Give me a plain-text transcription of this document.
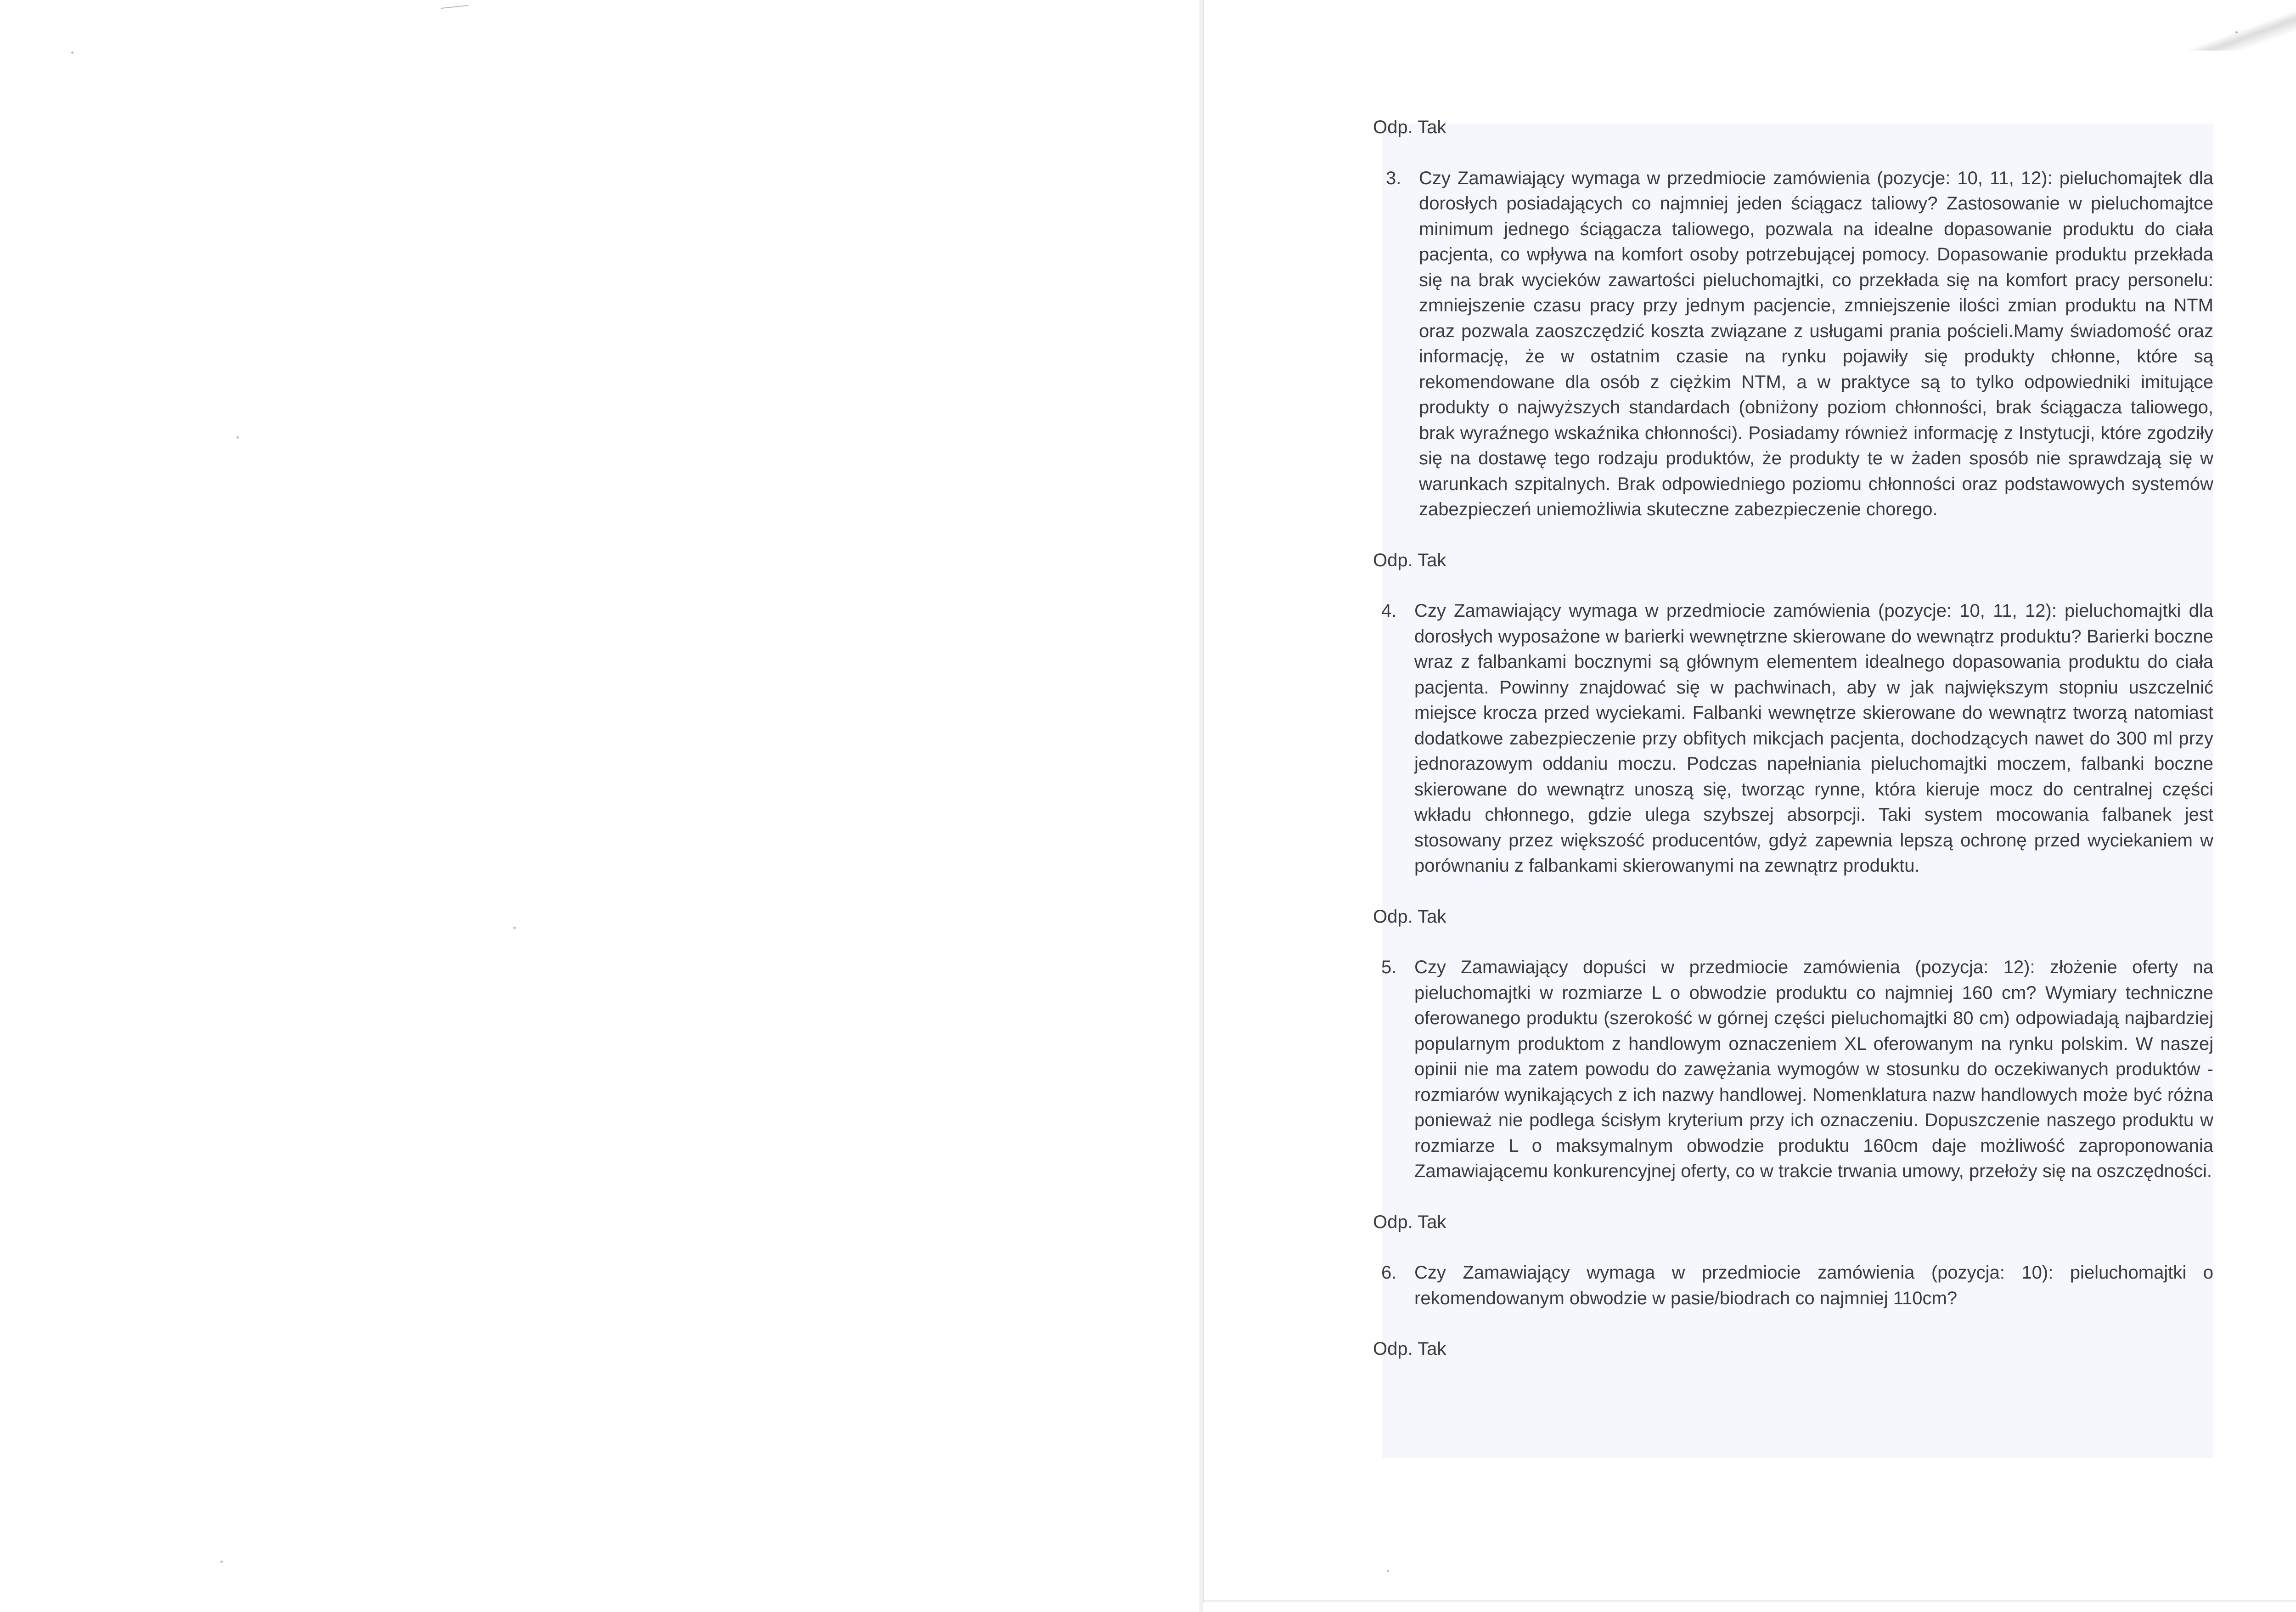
Odp. Tak

3. Czy Zamawiający wymaga w przedmiocie zamówienia (pozycje: 10, 11, 12): pieluchomajtek dla dorosłych posiadających co najmniej jeden ściągacz taliowy? Zastosowanie w pieluchomajtce minimum jednego ściągacza taliowego, pozwala na idealne dopasowanie produktu do ciała pacjenta, co wpływa na komfort osoby potrzebującej pomocy. Dopasowanie produktu przekłada się na brak wycieków zawartości pieluchomajtki, co przekłada się na komfort pracy personelu: zmniejszenie czasu pracy przy jednym pacjencie, zmniejszenie ilości zmian produktu na NTM oraz pozwala zaoszczędzić koszta związane z usługami prania pościeli.Mamy świadomość oraz informację, że w ostatnim czasie na rynku pojawiły się produkty chłonne, które są rekomendowane dla osób z ciężkim NTM, a w praktyce są to tylko odpowiedniki imitujące produkty o najwyższych standardach (obniżony poziom chłonności, brak ściągacza taliowego, brak wyraźnego wskaźnika chłonności). Posiadamy również informację z Instytucji, które zgodziły się na dostawę tego rodzaju produktów, że produkty te w żaden sposób nie sprawdzają się w warunkach szpitalnych. Brak odpowiedniego poziomu chłonności oraz podstawowych systemów zabezpieczeń uniemożliwia skuteczne zabezpieczenie chorego.

Odp. Tak

4. Czy Zamawiający wymaga w przedmiocie zamówienia (pozycje: 10, 11, 12): pieluchomajtki dla dorosłych wyposażone w barierki wewnętrzne skierowane do wewnątrz produktu? Barierki boczne wraz z falbankami bocznymi są głównym elementem idealnego dopasowania produktu do ciała pacjenta. Powinny znajdować się w pachwinach, aby w jak największym stopniu uszczelnić miejsce krocza przed wyciekami. Falbanki wewnętrze skierowane do wewnątrz tworzą natomiast dodatkowe zabezpieczenie przy obfitych mikcjach pacjenta, dochodzących nawet do 300 ml przy jednorazowym oddaniu moczu. Podczas napełniania pieluchomajtki moczem, falbanki boczne skierowane do wewnątrz unoszą się, tworząc rynne, która kieruje mocz do centralnej części wkładu chłonnego, gdzie ulega szybszej absorpcji. Taki system mocowania falbanek jest stosowany przez większość producentów, gdyż zapewnia lepszą ochronę przed wyciekaniem w porównaniu z falbankami skierowanymi na zewnątrz produktu.

Odp. Tak

5. Czy Zamawiający dopuści w przedmiocie zamówienia (pozycja: 12): złożenie oferty na pieluchomajtki w rozmiarze L o obwodzie produktu co najmniej 160 cm? Wymiary techniczne oferowanego produktu (szerokość w górnej części pieluchomajtki 80 cm) odpowiadają najbardziej popularnym produktom z handlowym oznaczeniem XL oferowanym na rynku polskim. W naszej opinii nie ma zatem powodu do zawężania wymogów w stosunku do oczekiwanych produktów - rozmiarów wynikających z ich nazwy handlowej. Nomenklatura nazw handlowych może być różna ponieważ nie podlega ścisłym kryterium przy ich oznaczeniu. Dopuszczenie naszego produktu w rozmiarze L o maksymalnym obwodzie produktu 160cm daje możliwość zaproponowania Zamawiającemu konkurencyjnej oferty, co w trakcie trwania umowy, przełoży się na oszczędności.

Odp. Tak

6. Czy Zamawiający wymaga w przedmiocie zamówienia (pozycja: 10): pieluchomajtki o rekomendowanym obwodzie w pasie/biodrach co najmniej 110cm?

Odp. Tak
